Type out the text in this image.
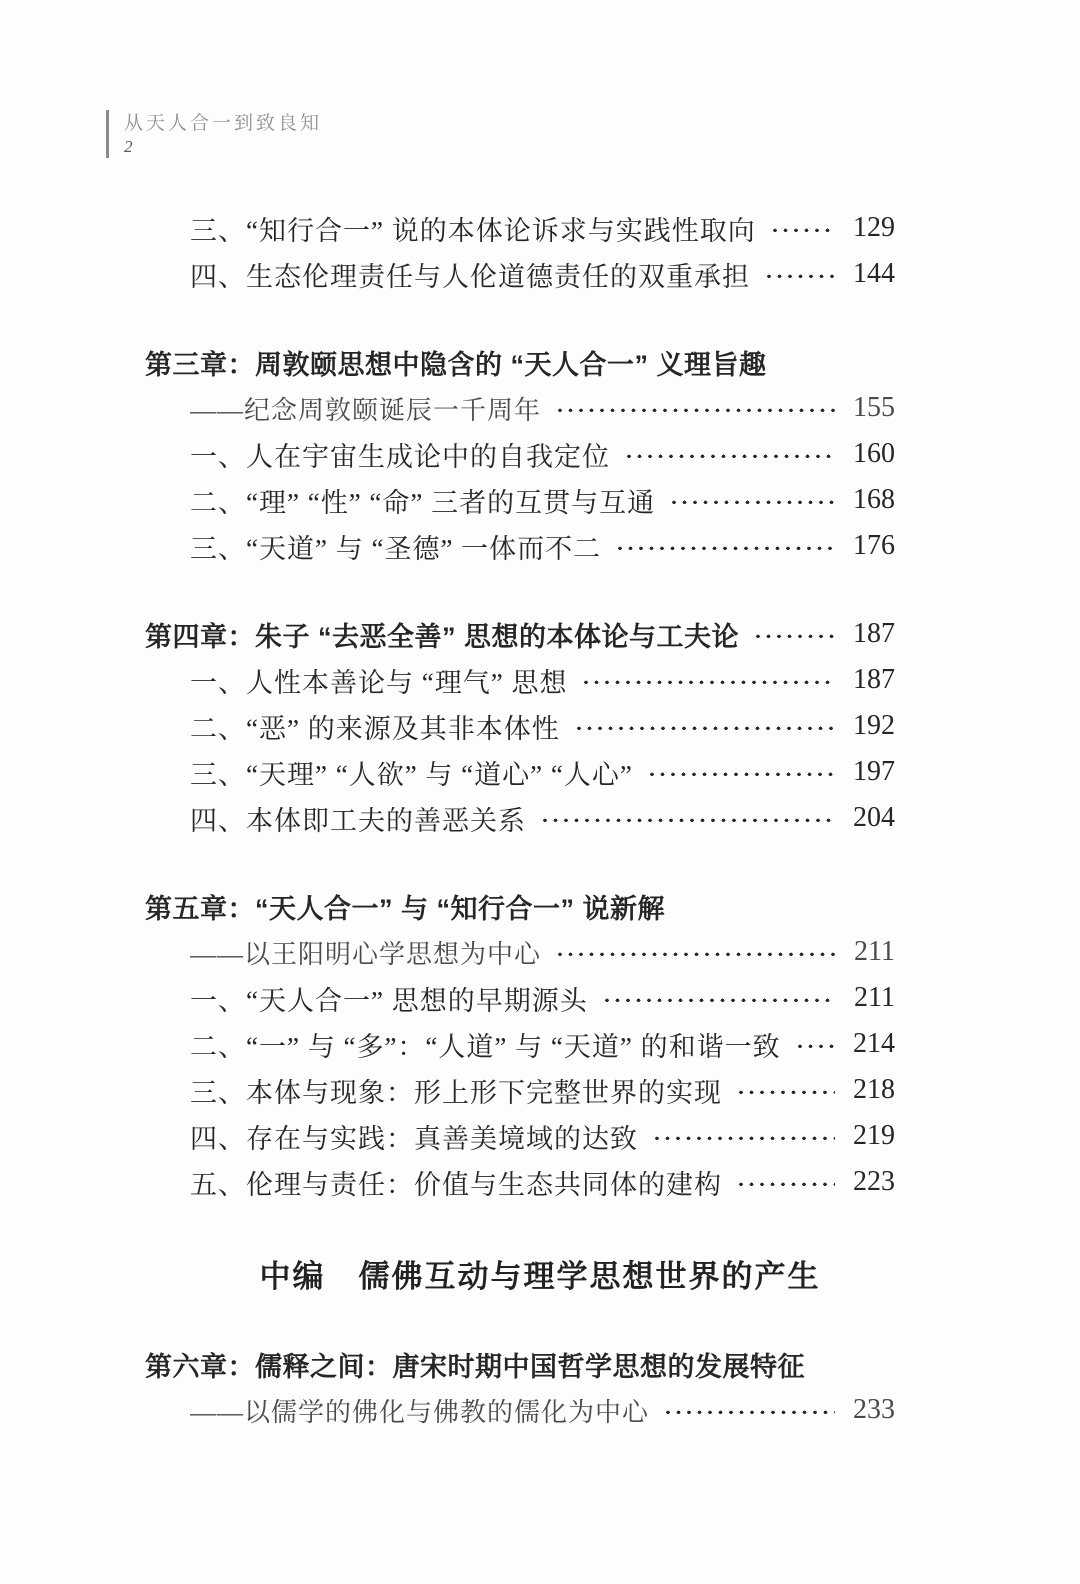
从天人合一到致良知
2
三、“知行合一” 说的本体论诉求与实践性取向	129
四、生态伦理责任与人伦道德责任的双重承担	144
第三章：周敦颐思想中隐含的 “天人合一” 义理旨趣
——纪念周敦颐诞辰一千周年	155
一、人在宇宙生成论中的自我定位	160
二、“理” “性” “命” 三者的互贯与互通	168
三、“天道” 与 “圣德” 一体而不二	176
第四章：朱子 “去恶全善” 思想的本体论与工夫论	187
一、人性本善论与 “理气” 思想	187
二、“恶” 的来源及其非本体性	192
三、“天理” “人欲” 与 “道心” “人心”	197
四、本体即工夫的善恶关系	204
第五章：“天人合一” 与 “知行合一” 说新解
——以王阳明心学思想为中心	211
一、“天人合一” 思想的早期源头	211
二、“一” 与 “多”：“人道” 与 “天道” 的和谐一致	214
三、本体与现象：形上形下完整世界的实现	218
四、存在与实践：真善美境域的达致	219
五、伦理与责任：价值与生态共同体的建构	223
中编　儒佛互动与理学思想世界的产生
第六章：儒释之间：唐宋时期中国哲学思想的发展特征
——以儒学的佛化与佛教的儒化为中心	233
